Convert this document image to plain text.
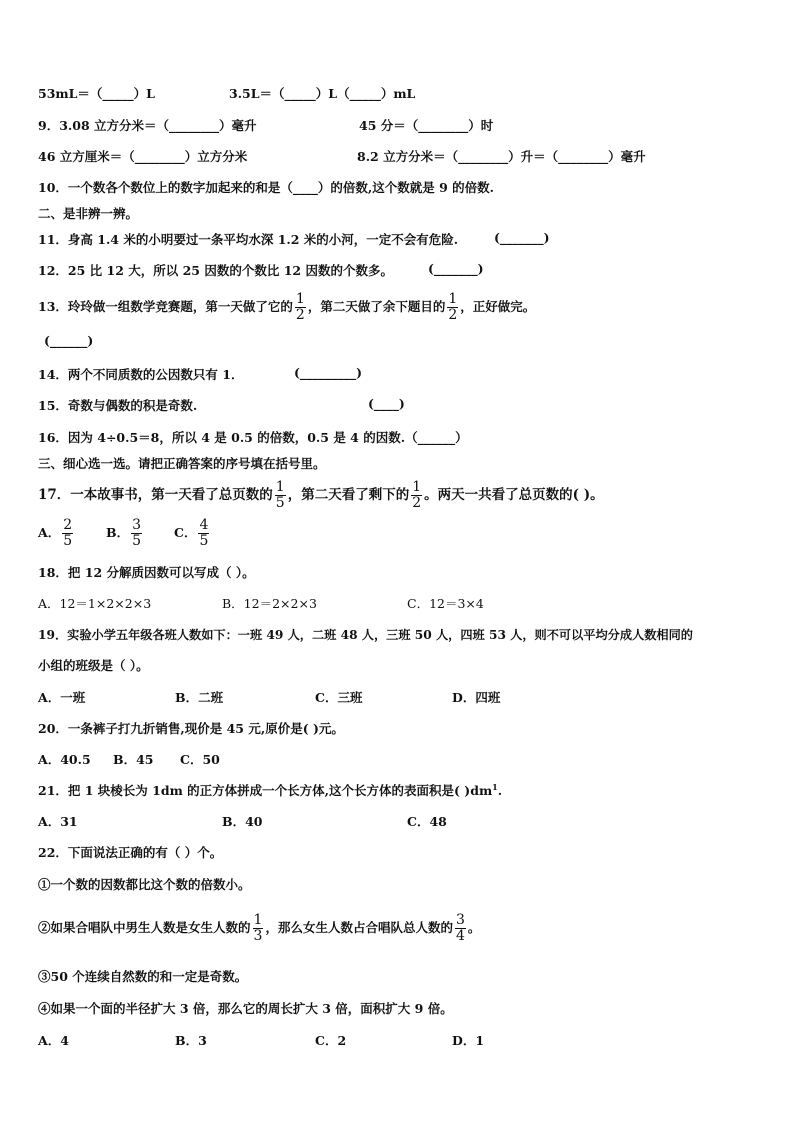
53mL＝（_____）L	3.5L＝（_____）L（_____）mL
9．3.08 立方分米＝（________）毫升	45 分＝（________）时
46 立方厘米＝（________）立方分米	8.2 立方分米＝（________）升＝（________）毫升
10．一个数各个数位上的数字加起来的和是（____）的倍数,这个数就是 9 的倍数.
二、是非辨一辨。
11．身高 1.4 米的小明要过一条平均水深 1.2 米的小河，一定不会有危险.	(_______)
12．25 比 12 大，所以 25 因数的个数比 12 因数的个数多。	(_______)
13．玲玲做一组数学竞赛题，第一天做了它的 $\frac{1}{2}$ ，第二天做了余下题目的 $\frac{1}{2}$ ，正好做完。
(______)
14．两个不同质数的公因数只有 1．	(_________)
15．奇数与偶数的积是奇数.	(____)
16．因为 4÷0.5＝8，所以 4 是 0.5 的倍数，0.5 是 4 的因数.（______）
三、细心选一选。请把正确答案的序号填在括号里。
17．一本故事书，第一天看了总页数的 $\frac{1}{5}$ ，第二天看了剩下的 $\frac{1}{2}$ 。两天一共看了总页数的( )。
A． $\frac{2}{5}$	B． $\frac{3}{5}$	C． $\frac{4}{5}$
18．把 12 分解质因数可以写成（ ）。
A．12＝1×2×2×3	B．12＝2×2×3	C．12＝3×4
19．实验小学五年级各班人数如下：一班 49 人，二班 48 人，三班 50 人，四班 53 人，则不可以平均分成人数相同的
小组的班级是（ ）。
A．一班	B．二班	C．三班	D．四班
20．一条裤子打九折销售,现价是 45 元,原价是( )元。
A．40.5 B．45 C．50
21．把 1 块棱长为 1dm 的正方体拼成一个长方体,这个长方体的表面积是( )$dm^1$.
A．31	B．40	C．48
22．下面说法正确的有（ ）个。
①一个数的因数都比这个数的倍数小。
②如果合唱队中男生人数是女生人数的 $\frac{1}{3}$ ，那么女生人数占合唱队总人数的 $\frac{3}{4}$ 。
③50 个连续自然数的和一定是奇数。
④如果一个面的半径扩大 3 倍，那么它的周长扩大 3 倍，面积扩大 9 倍。
A．4	B．3	C．2	D．1
